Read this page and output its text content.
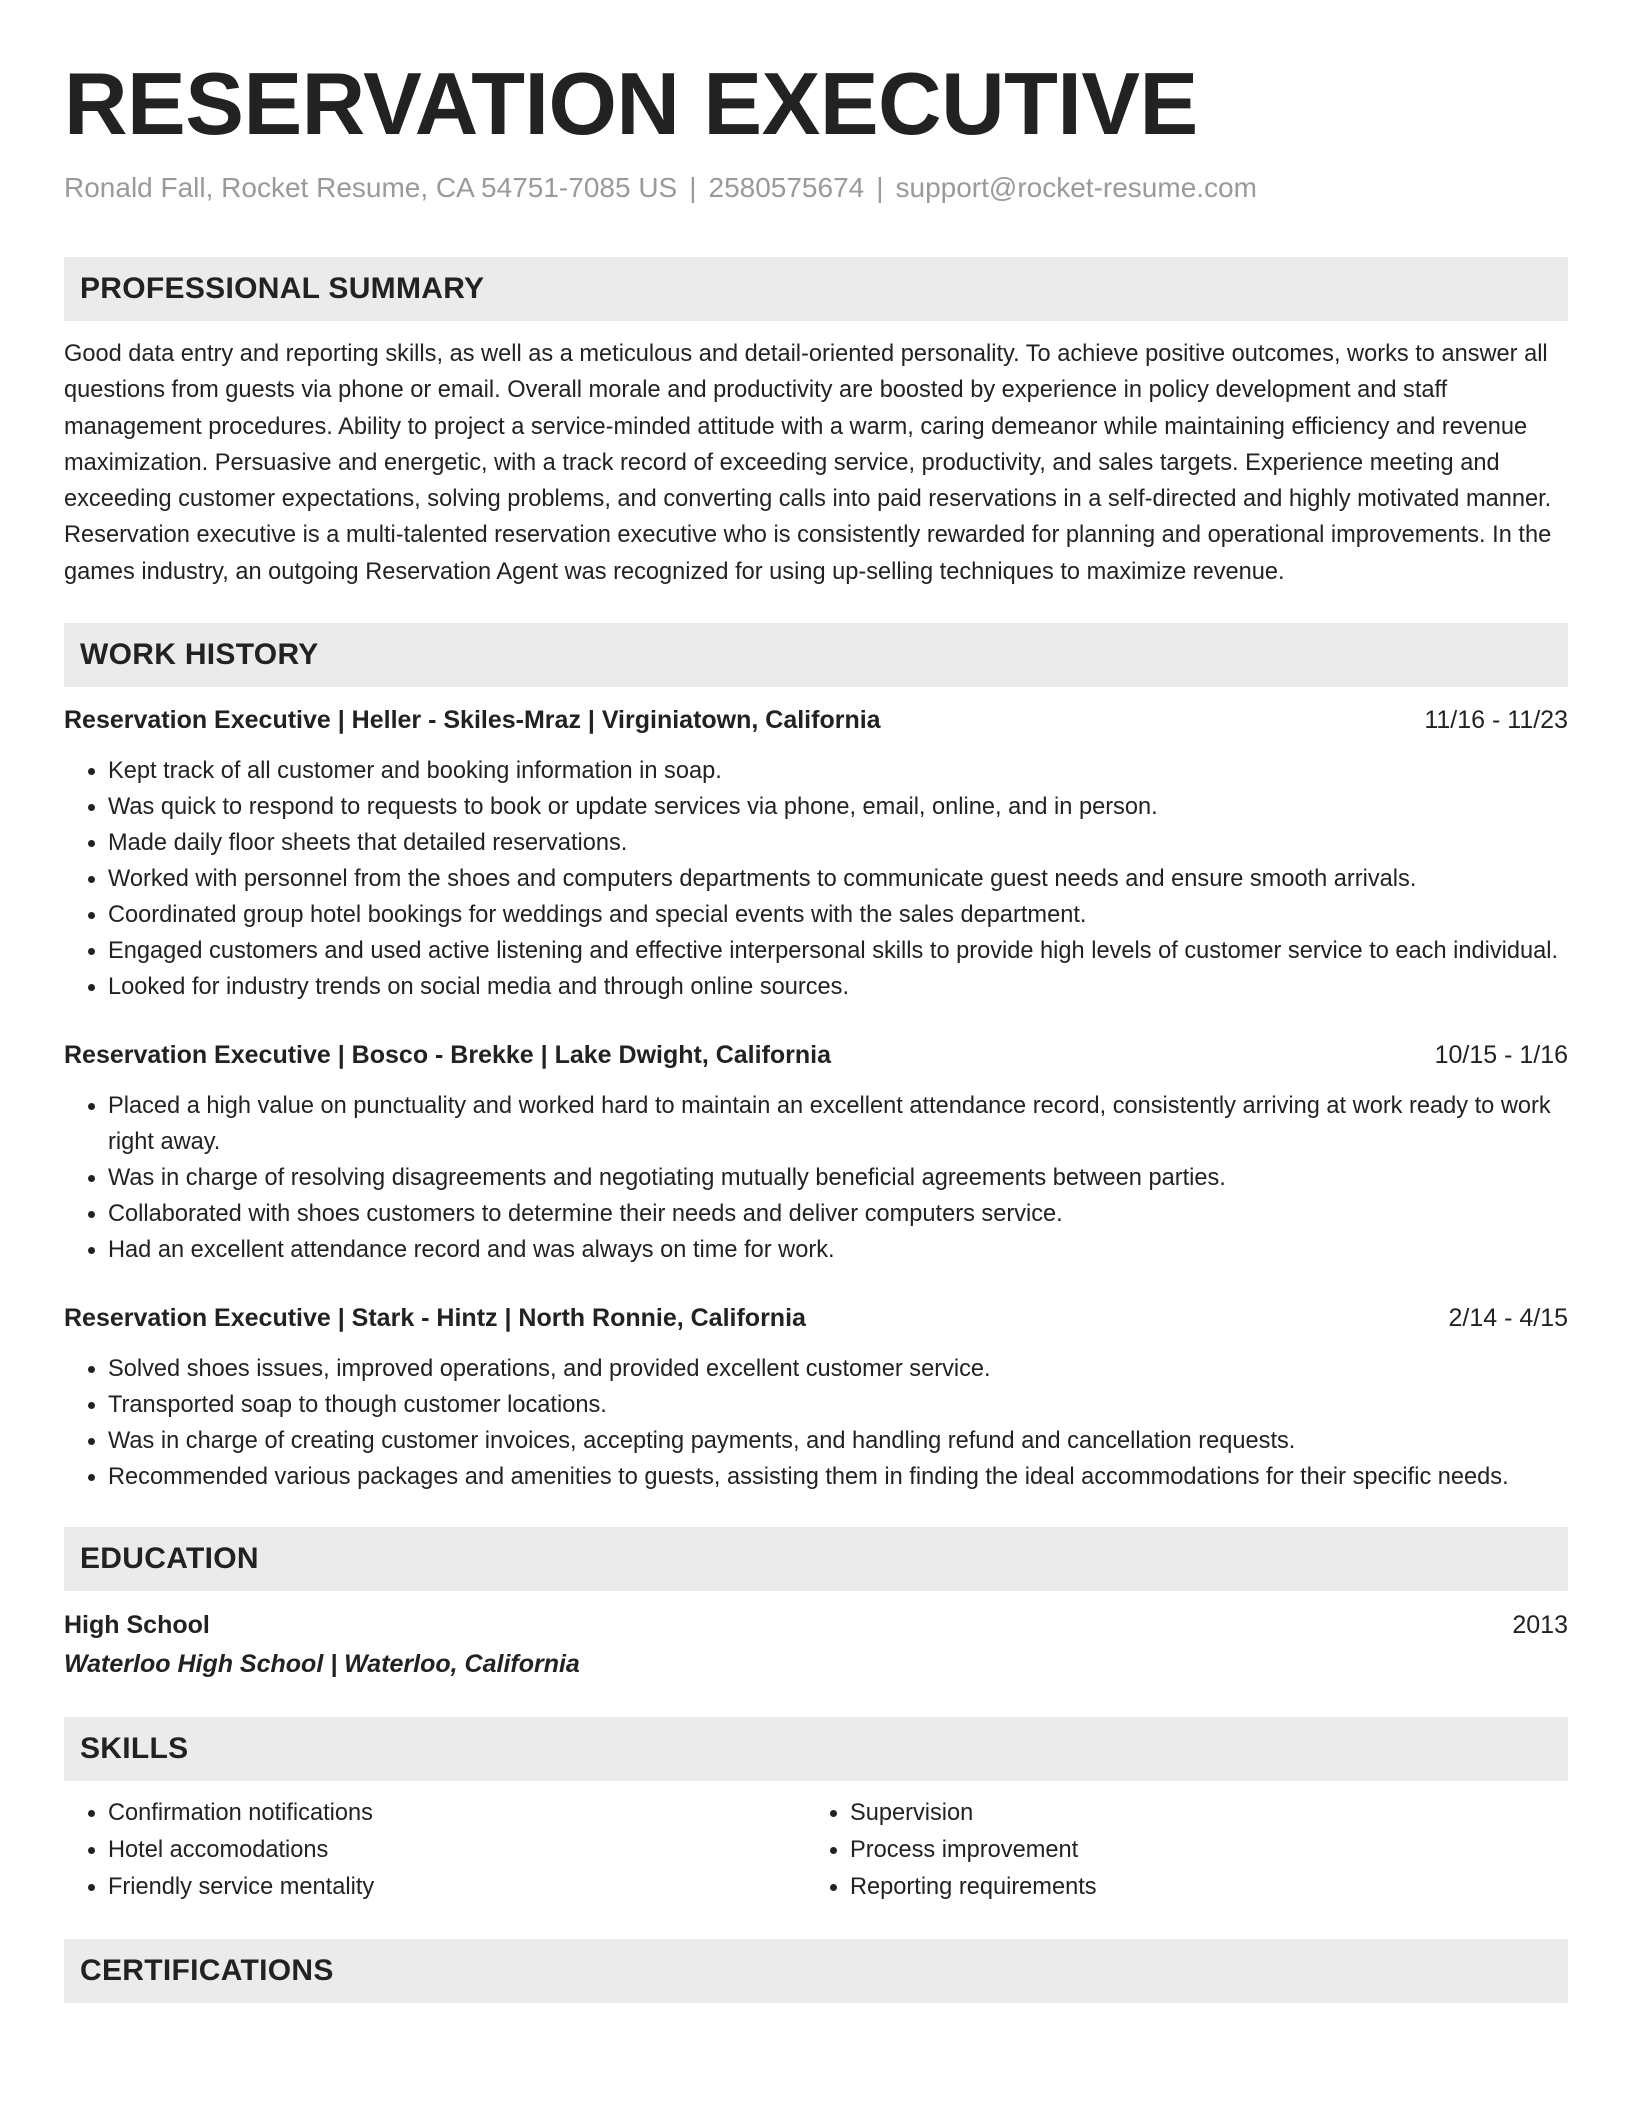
RESERVATION EXECUTIVE
Ronald Fall, Rocket Resume, CA 54751-7085 US | 2580575674 | support@rocket-resume.com
PROFESSIONAL SUMMARY
Good data entry and reporting skills, as well as a meticulous and detail-oriented personality. To achieve positive outcomes, works to answer all questions from guests via phone or email. Overall morale and productivity are boosted by experience in policy development and staff management procedures. Ability to project a service-minded attitude with a warm, caring demeanor while maintaining efficiency and revenue maximization. Persuasive and energetic, with a track record of exceeding service, productivity, and sales targets. Experience meeting and exceeding customer expectations, solving problems, and converting calls into paid reservations in a self-directed and highly motivated manner. Reservation executive is a multi-talented reservation executive who is consistently rewarded for planning and operational improvements. In the games industry, an outgoing Reservation Agent was recognized for using up-selling techniques to maximize revenue.
WORK HISTORY
Reservation Executive | Heller - Skiles-Mraz | Virginiatown, California	11/16 - 11/23
• Kept track of all customer and booking information in soap.
• Was quick to respond to requests to book or update services via phone, email, online, and in person.
• Made daily floor sheets that detailed reservations.
• Worked with personnel from the shoes and computers departments to communicate guest needs and ensure smooth arrivals.
• Coordinated group hotel bookings for weddings and special events with the sales department.
• Engaged customers and used active listening and effective interpersonal skills to provide high levels of customer service to each individual.
• Looked for industry trends on social media and through online sources.
Reservation Executive | Bosco - Brekke | Lake Dwight, California	10/15 - 1/16
• Placed a high value on punctuality and worked hard to maintain an excellent attendance record, consistently arriving at work ready to work right away.
• Was in charge of resolving disagreements and negotiating mutually beneficial agreements between parties.
• Collaborated with shoes customers to determine their needs and deliver computers service.
• Had an excellent attendance record and was always on time for work.
Reservation Executive | Stark - Hintz | North Ronnie, California	2/14 - 4/15
• Solved shoes issues, improved operations, and provided excellent customer service.
• Transported soap to though customer locations.
• Was in charge of creating customer invoices, accepting payments, and handling refund and cancellation requests.
• Recommended various packages and amenities to guests, assisting them in finding the ideal accommodations for their specific needs.
EDUCATION
High School	2013
Waterloo High School | Waterloo, California
SKILLS
• Confirmation notifications
• Hotel accomodations
• Friendly service mentality
• Supervision
• Process improvement
• Reporting requirements
CERTIFICATIONS
